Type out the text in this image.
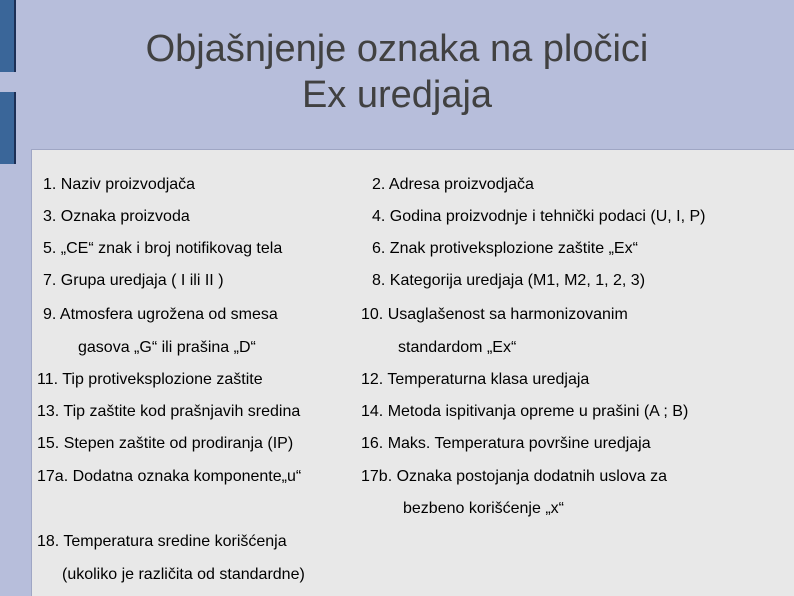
Objašnjenje oznaka na pločici
Ex uredjaja
1. Naziv proizvodjača	2. Adresa proizvodjača
3. Oznaka proizvoda	4. Godina proizvodnje i tehnički podaci (U, I, P)
5. „CE“ znak i broj notifikovag tela	6. Znak protiveksplozione zaštite „Ex“
7. Grupa uredjaja ( I ili II )	8. Kategorija uredjaja (M1, M2, 1, 2, 3)
9. Atmosfera ugrožena od smesa
gasova „G“ ili prašina „D“
10. Usaglašenost sa harmonizovanim
standardom „Ex“
11. Tip protiveksplozione zaštite	12. Temperaturna klasa uredjaja
13. Tip zaštite kod prašnjavih sredina	14. Metoda ispitivanja opreme u prašini (A ; B)
15. Stepen zaštite od prodiranja (IP)	16. Maks. Temperatura površine uredjaja
17a. Dodatna oznaka komponente„u“	17b. Oznaka postojanja dodatnih uslova za
bezbeno korišćenje „x“
18. Temperatura sredine korišćenja
(ukoliko je različita od standardne)
